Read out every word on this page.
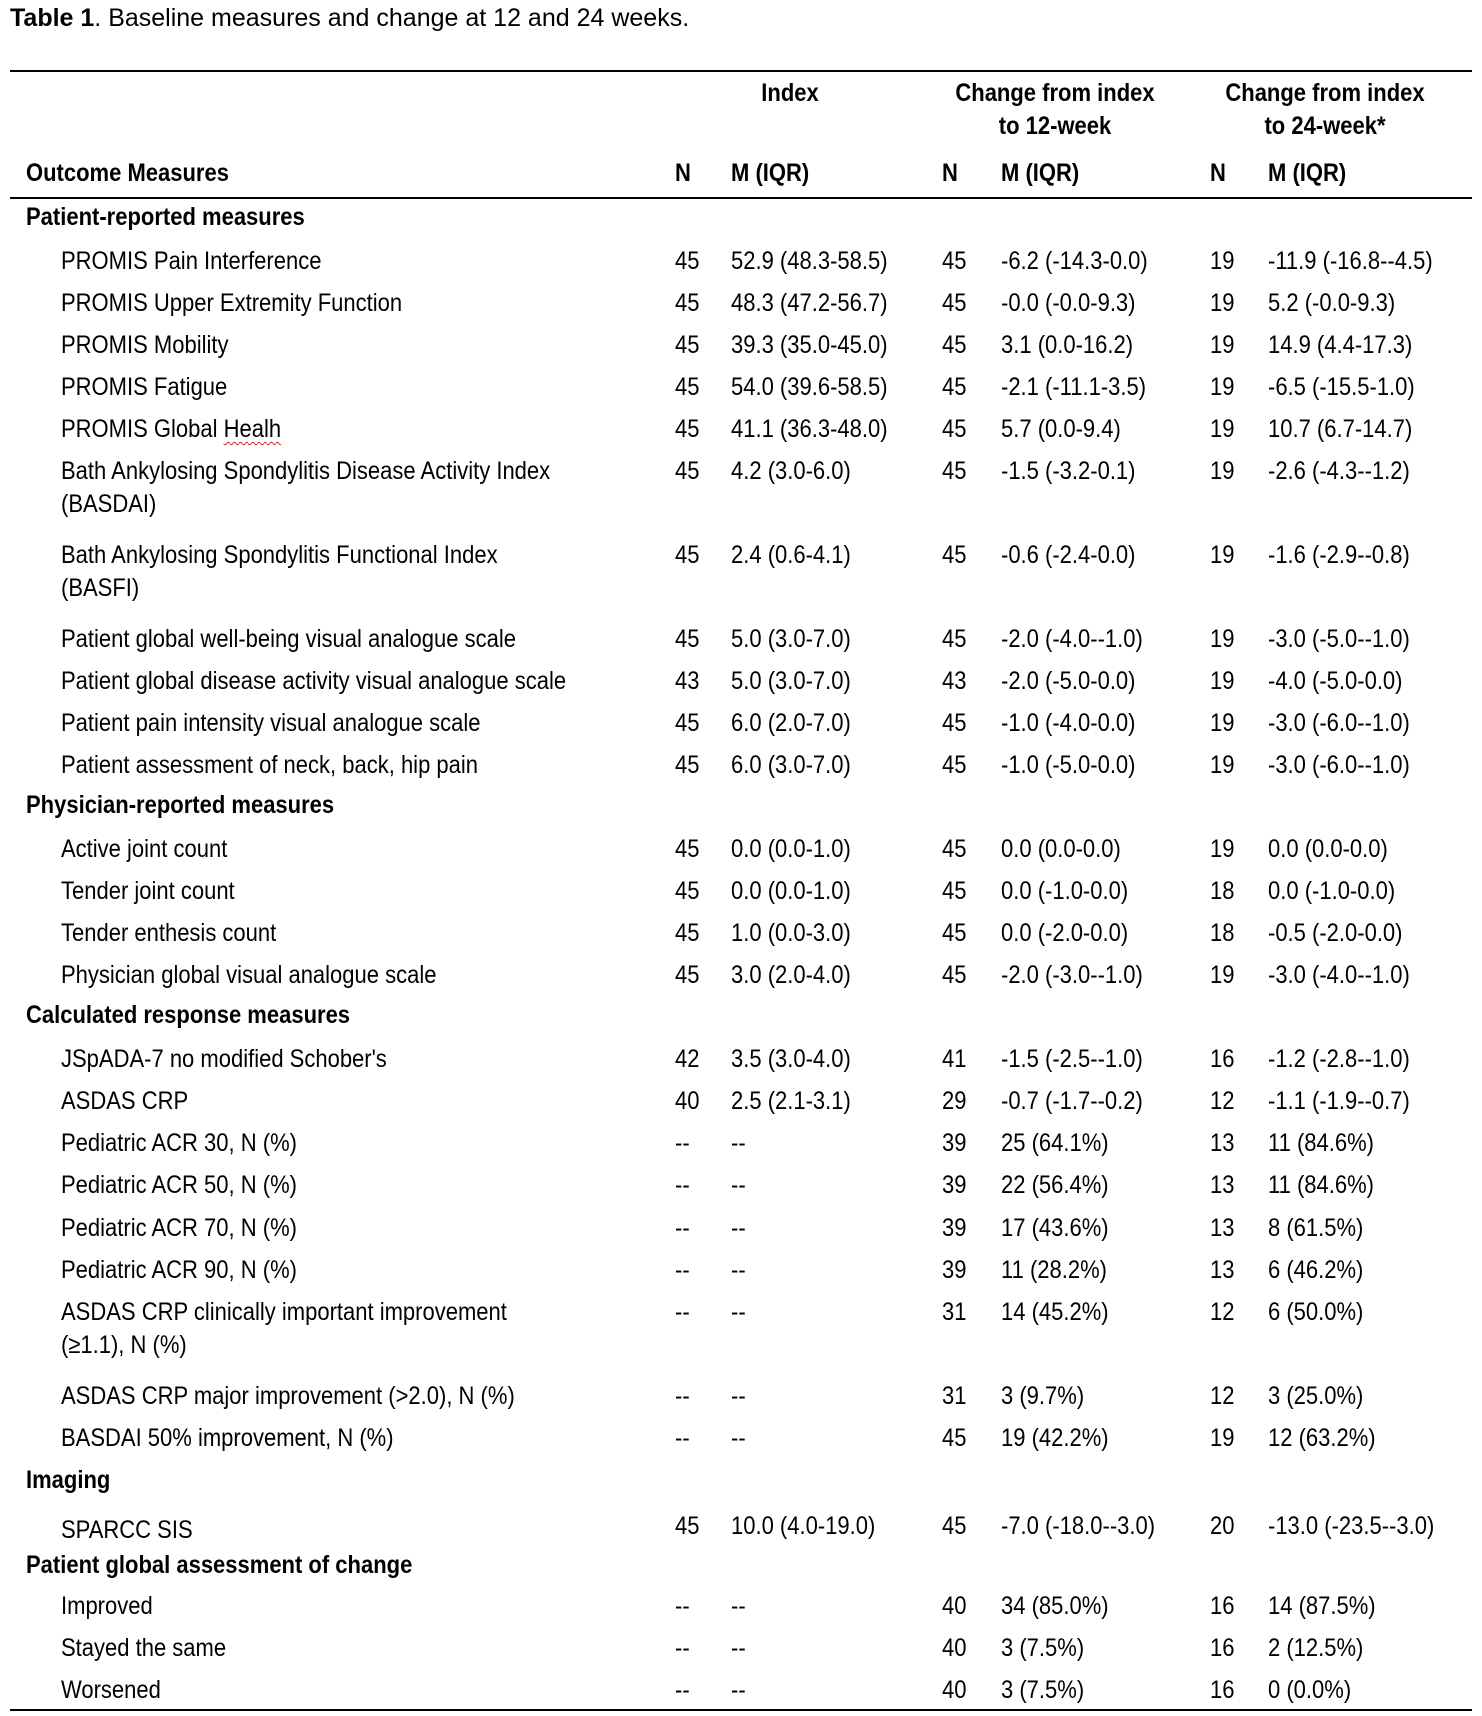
Table 1. Baseline measures and change at 12 and 24 weeks.
Index	Change from index
to 12-week
Change from index
to 24-week*
Outcome Measures	N M (IQR)	N M (IQR)	N M (IQR)
Patient-reported measures
PROMIS Pain Interference	45 52.9 (48.3-58.5) 45 -6.2 (-14.3-0.0) 19 -11.9 (-16.8--4.5)
PROMIS Upper Extremity Function	45 48.3 (47.2-56.7) 45 -0.0 (-0.0-9.3)	19 5.2 (-0.0-9.3)
PROMIS Mobility	45 39.3 (35.0-45.0) 45 3.1 (0.0-16.2)	19 14.9 (4.4-17.3)
PROMIS Fatigue	45 54.0 (39.6-58.5) 45 -2.1 (-11.1-3.5)	19 -6.5 (-15.5-1.0)
PROMIS Global Healh	45 41.1 (36.3-48.0) 45 5.7 (0.0-9.4)	19 10.7 (6.7-14.7)
Bath Ankylosing Spondylitis Disease Activity Index
(BASDAI)
45 4.2 (3.0-6.0)	45 -1.5 (-3.2-0.1)	19 -2.6 (-4.3--1.2)
Bath Ankylosing Spondylitis Functional Index
(BASFI)
45 2.4 (0.6-4.1)	45 -0.6 (-2.4-0.0)	19 -1.6 (-2.9--0.8)
Patient global well-being visual analogue scale	45 5.0 (3.0-7.0)	45 -2.0 (-4.0--1.0)	19 -3.0 (-5.0--1.0)
Patient global disease activity visual analogue scale	43 5.0 (3.0-7.0)	43 -2.0 (-5.0-0.0)	19 -4.0 (-5.0-0.0)
Patient pain intensity visual analogue scale	45 6.0 (2.0-7.0)	45 -1.0 (-4.0-0.0)	19 -3.0 (-6.0--1.0)
Patient assessment of neck, back, hip pain	45 6.0 (3.0-7.0)	45 -1.0 (-5.0-0.0)	19 -3.0 (-6.0--1.0)
Physician-reported measures
Active joint count	45 0.0 (0.0-1.0)	45 0.0 (0.0-0.0)	19 0.0 (0.0-0.0)
Tender joint count	45 0.0 (0.0-1.0)	45 0.0 (-1.0-0.0)	18 0.0 (-1.0-0.0)
Tender enthesis count	45 1.0 (0.0-3.0)	45 0.0 (-2.0-0.0)	18 -0.5 (-2.0-0.0)
Physician global visual analogue scale	45 3.0 (2.0-4.0)	45 -2.0 (-3.0--1.0)	19 -3.0 (-4.0--1.0)
Calculated response measures
JSpADA-7 no modified Schober's	42 3.5 (3.0-4.0)	41 -1.5 (-2.5--1.0)	16 -1.2 (-2.8--1.0)
ASDAS CRP	40 2.5 (2.1-3.1)	29 -0.7 (-1.7--0.2)	12 -1.1 (-1.9--0.7)
Pediatric ACR 30, N (%)	-- --	39 25 (64.1%)	13 11 (84.6%)
Pediatric ACR 50, N (%)	-- --	39 22 (56.4%)	13 11 (84.6%)
Pediatric ACR 70, N (%)	-- --	39 17 (43.6%)	13 8 (61.5%)
Pediatric ACR 90, N (%)	-- --	39 11 (28.2%)	13 6 (46.2%)
ASDAS CRP clinically important improvement
(≥1.1), N (%)
-- --	31 14 (45.2%)	12 6 (50.0%)
ASDAS CRP major improvement (>2.0), N (%)	-- --	31 3 (9.7%)	12 3 (25.0%)
BASDAI 50% improvement, N (%)	-- --	45 19 (42.2%)	19 12 (63.2%)
Imaging
SPARCC SIS	45 10.0 (4.0-19.0)	45 -7.0 (-18.0--3.0) 20 -13.0 (-23.5--3.0)
Patient global assessment of change
Improved	-- --	40 34 (85.0%)	16 14 (87.5%)
Stayed the same	-- --	40 3 (7.5%)	16 2 (12.5%)
Worsened	-- --	40 3 (7.5%)	16 0 (0.0%)
